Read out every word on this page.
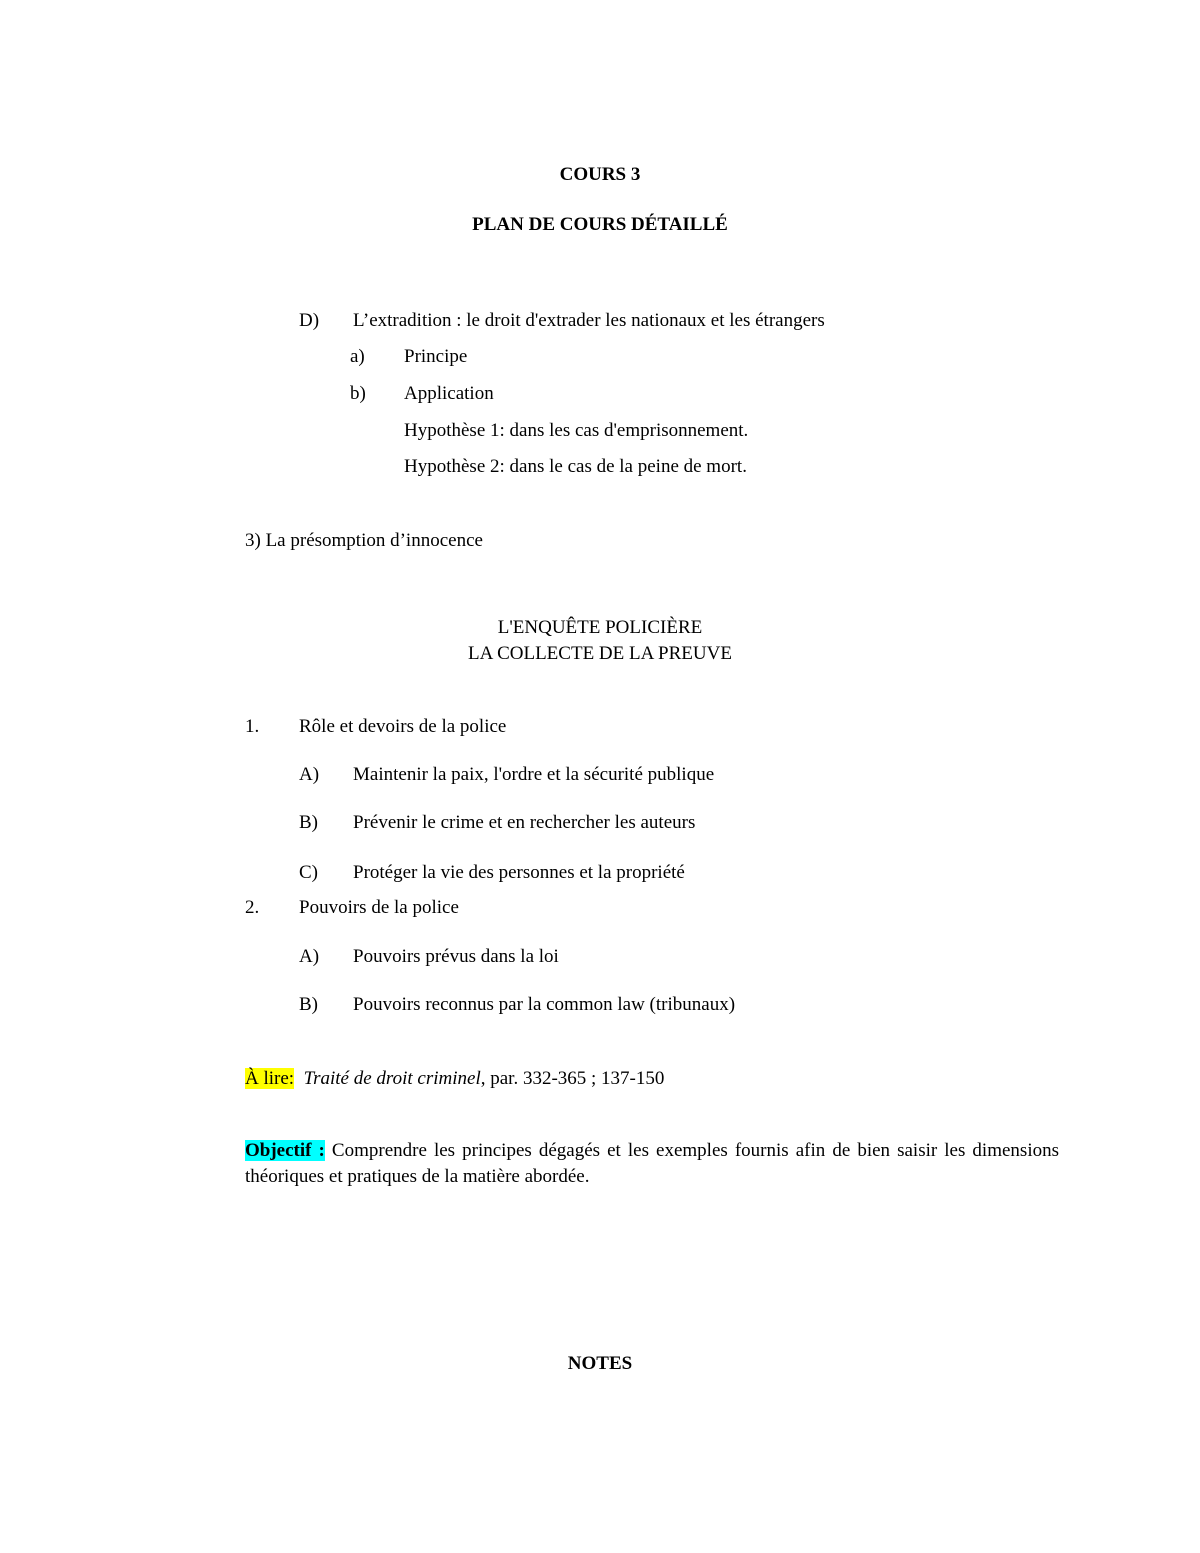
COURS 3
PLAN DE COURS DÉTAILLÉ
D) L’extradition : le droit d'extrader les nationaux et les étrangers
a) Principe
b) Application
Hypothèse 1: dans les cas d'emprisonnement.
Hypothèse 2: dans le cas de la peine de mort.
3) La présomption d’innocence
L'ENQUÊTE POLICIÈRE
LA COLLECTE DE LA PREUVE
1. Rôle et devoirs de la police
A) Maintenir la paix, l'ordre et la sécurité publique
B) Prévenir le crime et en rechercher les auteurs
C) Protéger la vie des personnes et la propriété
2. Pouvoirs de la police
A) Pouvoirs prévus dans la loi
B) Pouvoirs reconnus par la common law (tribunaux)
À lire: Traité de droit criminel, par. 332-365 ; 137-150
Objectif : Comprendre les principes dégagés et les exemples fournis afin de bien saisir les dimensions théoriques et pratiques de la matière abordée.
NOTES
